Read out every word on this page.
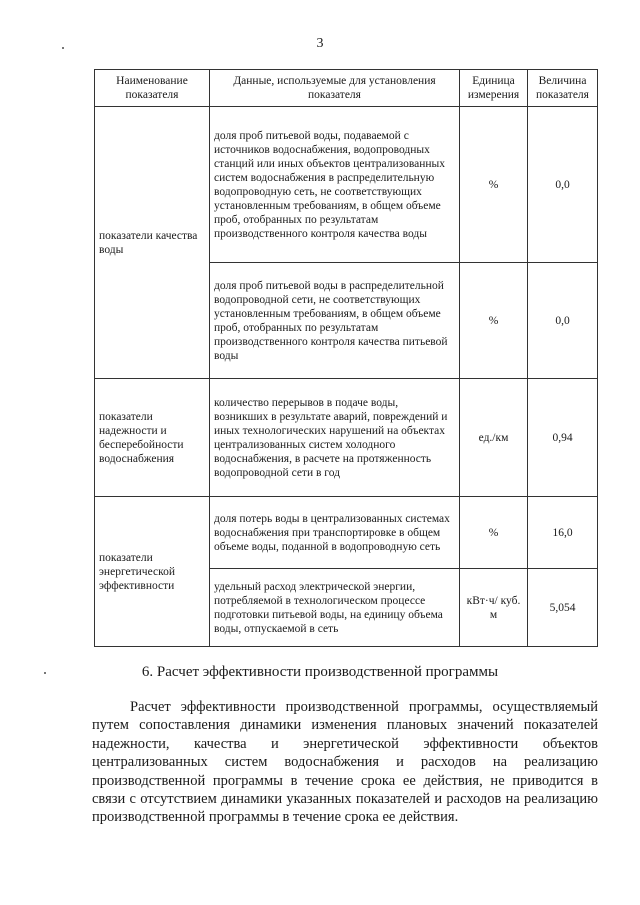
3
Наименование показателя	Данные, используемые для установления показателя	Единица измерения	Величина показателя
показатели качества воды	доля проб питьевой воды, подаваемой с источников водоснабжения, водопроводных станций или иных объектов централизованных систем водоснабжения в распределительную водопроводную сеть, не соответствующих установленным требованиям, в общем объеме проб, отобранных по результатам производственного контроля качества воды	%	0,0
	доля проб питьевой воды в распределительной водопроводной сети, не соответствующих установленным требованиям, в общем объеме проб, отобранных по результатам производственного контроля качества питьевой воды	%	0,0
показатели надежности и бесперебойности водоснабжения	количество перерывов в подаче воды, возникших в результате аварий, повреждений и иных технологических нарушений на объектах централизованных систем холодного водоснабжения, в расчете на протяженность водопроводной сети в год	ед./км	0,94
показатели энергетической эффективности	доля потерь воды в централизованных системах водоснабжения при транспортировке в общем объеме воды, поданной в водопроводную сеть	%	16,0
	удельный расход электрической энергии, потребляемой в технологическом процессе подготовки питьевой воды, на единицу объема воды, отпускаемой в сеть	кВт·ч/ куб. м	5,054
6. Расчет эффективности производственной программы

Расчет эффективности производственной программы, осуществляемый путем сопоставления динамики изменения плановых значений показателей надежности, качества и энергетической эффективности объектов централизованных систем водоснабжения и расходов на реализацию производственной программы в течение срока ее действия, не приводится в связи с отсутствием динамики указанных показателей и расходов на реализацию производственной программы в течение срока ее действия.
